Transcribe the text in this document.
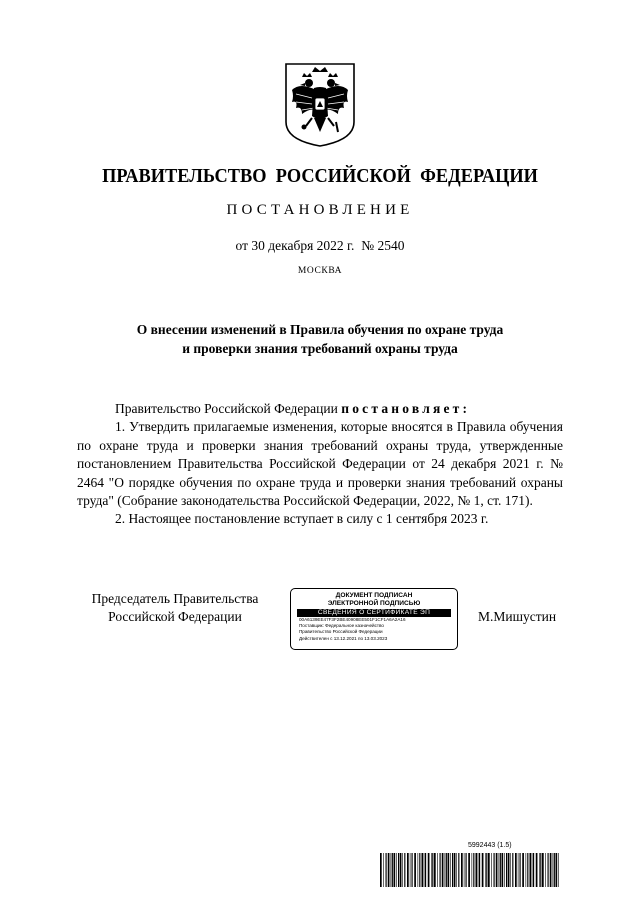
ПРАВИТЕЛЬСТВО РОССИЙСКОЙ ФЕДЕРАЦИИ
ПОСТАНОВЛЕНИЕ
от 30 декабря 2022 г. № 2540
МОСКВА
О внесении изменений в Правила обучения по охране труда
и проверки знания требований охраны труда

Правительство Российской Федерации постановляет:

1. Утвердить прилагаемые изменения, которые вносятся в Правила обучения по охране труда и проверки знания требований охраны труда, утвержденные постановлением Правительства Российской Федерации от 24 декабря 2021 г. № 2464 "О порядке обучения по охране труда и проверки знания требований охраны труда" (Собрание законодательства Российской Федерации, 2022, № 1, ст. 171).

2. Настоящее постановление вступает в силу с 1 сентября 2023 г.

Председатель Правительства
Российской Федерации
ДОКУМЕНТ ПОДПИСАН
ЭЛЕКТРОННОЙ ПОДПИСЬЮ
СВЕДЕНИЯ О СЕРТИФИКАТЕ ЭП
00A6139EE47F3F2BE40908EE501F1CF1A6A2A16
Поставщик: Федеральное казначейство
Правительство Российской Федерации
Действителен с 13.12.2021 по 13.03.2023
М.Мишустин
5992443 (1.5)
